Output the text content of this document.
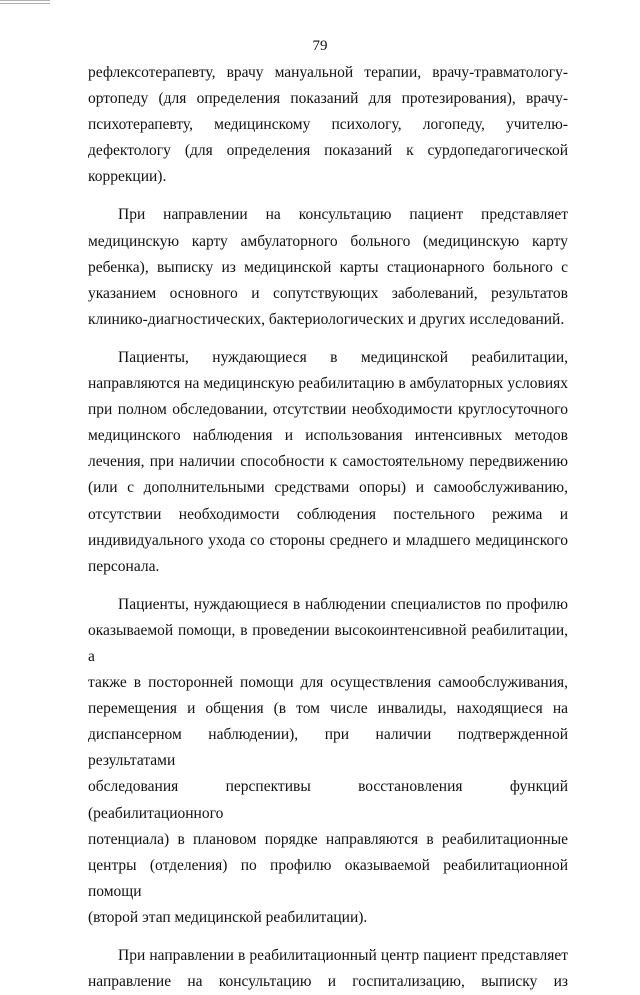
79

рефлексотерапевту, врачу мануальной терапии, врачу-травматологу-

ортопеду (для определения показаний для протезирования), врачу-

психотерапевту, медицинскому психологу, логопеду, учителю-

дефектологу (для определения показаний к сурдопедагогической

коррекции).

При направлении на консультацию пациент представляет

медицинскую карту амбулаторного больного (медицинскую карту

ребенка), выписку из медицинской карты стационарного больного с

указанием основного и сопутствующих заболеваний, результатов

клинико-диагностических, бактериологических и других исследований.

Пациенты, нуждающиеся в медицинской реабилитации,

направляются на медицинскую реабилитацию в амбулаторных условиях

при полном обследовании, отсутствии необходимости круглосуточного

медицинского наблюдения и использования интенсивных методов

лечения, при наличии способности к самостоятельному передвижению

(или с дополнительными средствами опоры) и самообслуживанию,

отсутствии необходимости соблюдения постельного режима и

индивидуального ухода со стороны среднего и младшего медицинского

персонала.

Пациенты, нуждающиеся в наблюдении специалистов по профилю

оказываемой помощи, в проведении высокоинтенсивной реабилитации, а

также в посторонней помощи для осуществления самообслуживания,

перемещения и общения (в том числе инвалиды, находящиеся на

диспансерном наблюдении), при наличии подтвержденной результатами

обследования перспективы восстановления функций (реабилитационного

потенциала) в плановом порядке направляются в реабилитационные

центры (отделения) по профилю оказываемой реабилитационной помощи

(второй этап медицинской реабилитации).

При направлении в реабилитационный центр пациент представляет

направление на консультацию и госпитализацию, выписку из
